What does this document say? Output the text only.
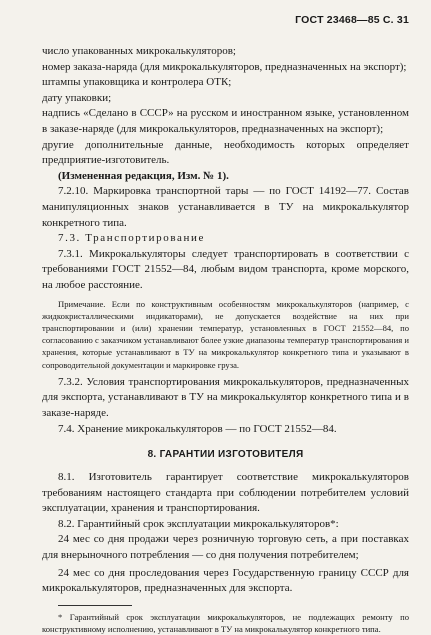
ГОСТ 23468—85 С. 31

число упакованных микрокалькуляторов;

номер заказа-наряда (для микрокалькуляторов, предназначенных на экспорт);

штампы упаковщика и контролера ОТК;

дату упаковки;

надпись «Сделано в СССР» на русском и иностранном языке, установленном в заказе-наряде (для микрокалькуляторов, предназначенных на экспорт);

другие дополнительные данные, необходимость которых определяет предприятие-изготовитель.

(Измененная редакция, Изм. № 1).

7.2.10. Маркировка транспортной тары — по ГОСТ 14192—77. Состав манипуляционных знаков устанавливается в ТУ на микрокалькулятор конкретного типа.

7.3. Транспортирование

7.3.1. Микрокалькуляторы следует транспортировать в соответствии с требованиями ГОСТ 21552—84, любым видом транспорта, кроме морского, на любое расстояние.

Примечание. Если по конструктивным особенностям микрокалькуляторов (например, с жидкокристаллическими индикаторами), не допускается воздействие на них при транспортировании и (или) хранении температур, установленных в ГОСТ 21552—84, по согласованию с заказчиком устанавливают более узкие диапазоны температур транспортирования и хранения, которые устанавливают в ТУ на микрокалькулятор конкретного типа и указывают в сопроводительной документации и маркировке груза.

7.3.2. Условия транспортирования микрокалькуляторов, предназначенных для экспорта, устанавливают в ТУ на микрокалькулятор конкретного типа и в заказе-наряде.

7.4. Хранение микрокалькуляторов — по ГОСТ 21552—84.

8. ГАРАНТИИ ИЗГОТОВИТЕЛЯ

8.1. Изготовитель гарантирует соответствие микрокалькуляторов требованиям настоящего стандарта при соблюдении потребителем условий эксплуатации, хранения и транспортирования.

8.2. Гарантийный срок эксплуатации микрокалькуляторов*:

24 мес со дня продажи через розничную торговую сеть, а при поставках для внерыночного потребления — со дня получения потребителем;

24 мес со дня проследования через Государственную границу СССР для микрокалькуляторов, предназначенных для экспорта.

* Гарантийный срок эксплуатации микрокалькуляторов, не подлежащих ремонту по конструктивному исполнению, устанавливают в ТУ на микрокалькулятор конкретного типа.
